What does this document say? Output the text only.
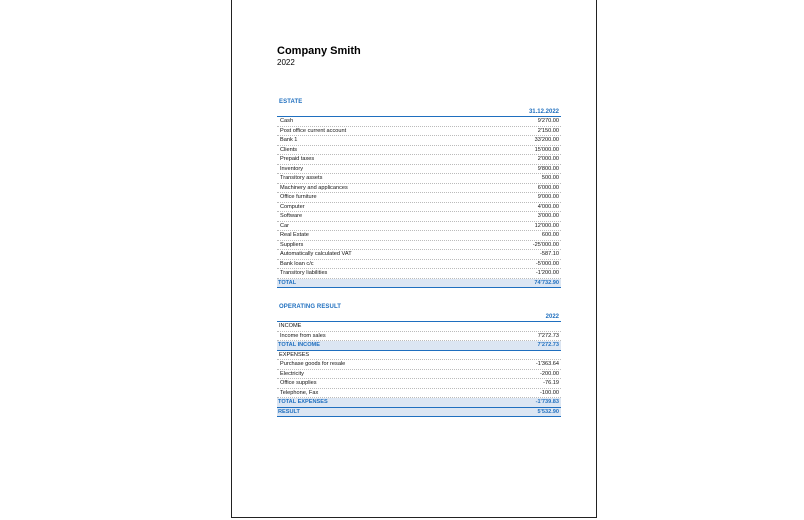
Company Smith
2022
ESTATE
31.12.2022
Cash	9'270.00
Post office current account	2'150.00
Bank 1	33'200.00
Clients	15'000.00
Prepaid taxes	2'000.00
Inventory	9'800.00
Transitory assets	500.00
Machinery and applicances	6'000.00
Office furniture	9'000.00
Computer	4'000.00
Software	3'000.00
Car	12'000.00
Real Estate	600.00
Suppliers	-25'000.00
Automatically calculated VAT	-587.10
Bank loan c/c	-5'000.00
Transitory liabilities	-1'200.00
TOTAL	74'732.90
OPERATING RESULT
2022
INCOME
Income from sales	7'272.73
TOTAL INCOME	7'272.73
EXPENSES
Purchase goods for resale	-1'363.64
Electricity	-200.00
Office supplies	-76.19
Telephone, Fax	-100.00
TOTAL EXPENSES	-1'739.83
RESULT	5'532.90
